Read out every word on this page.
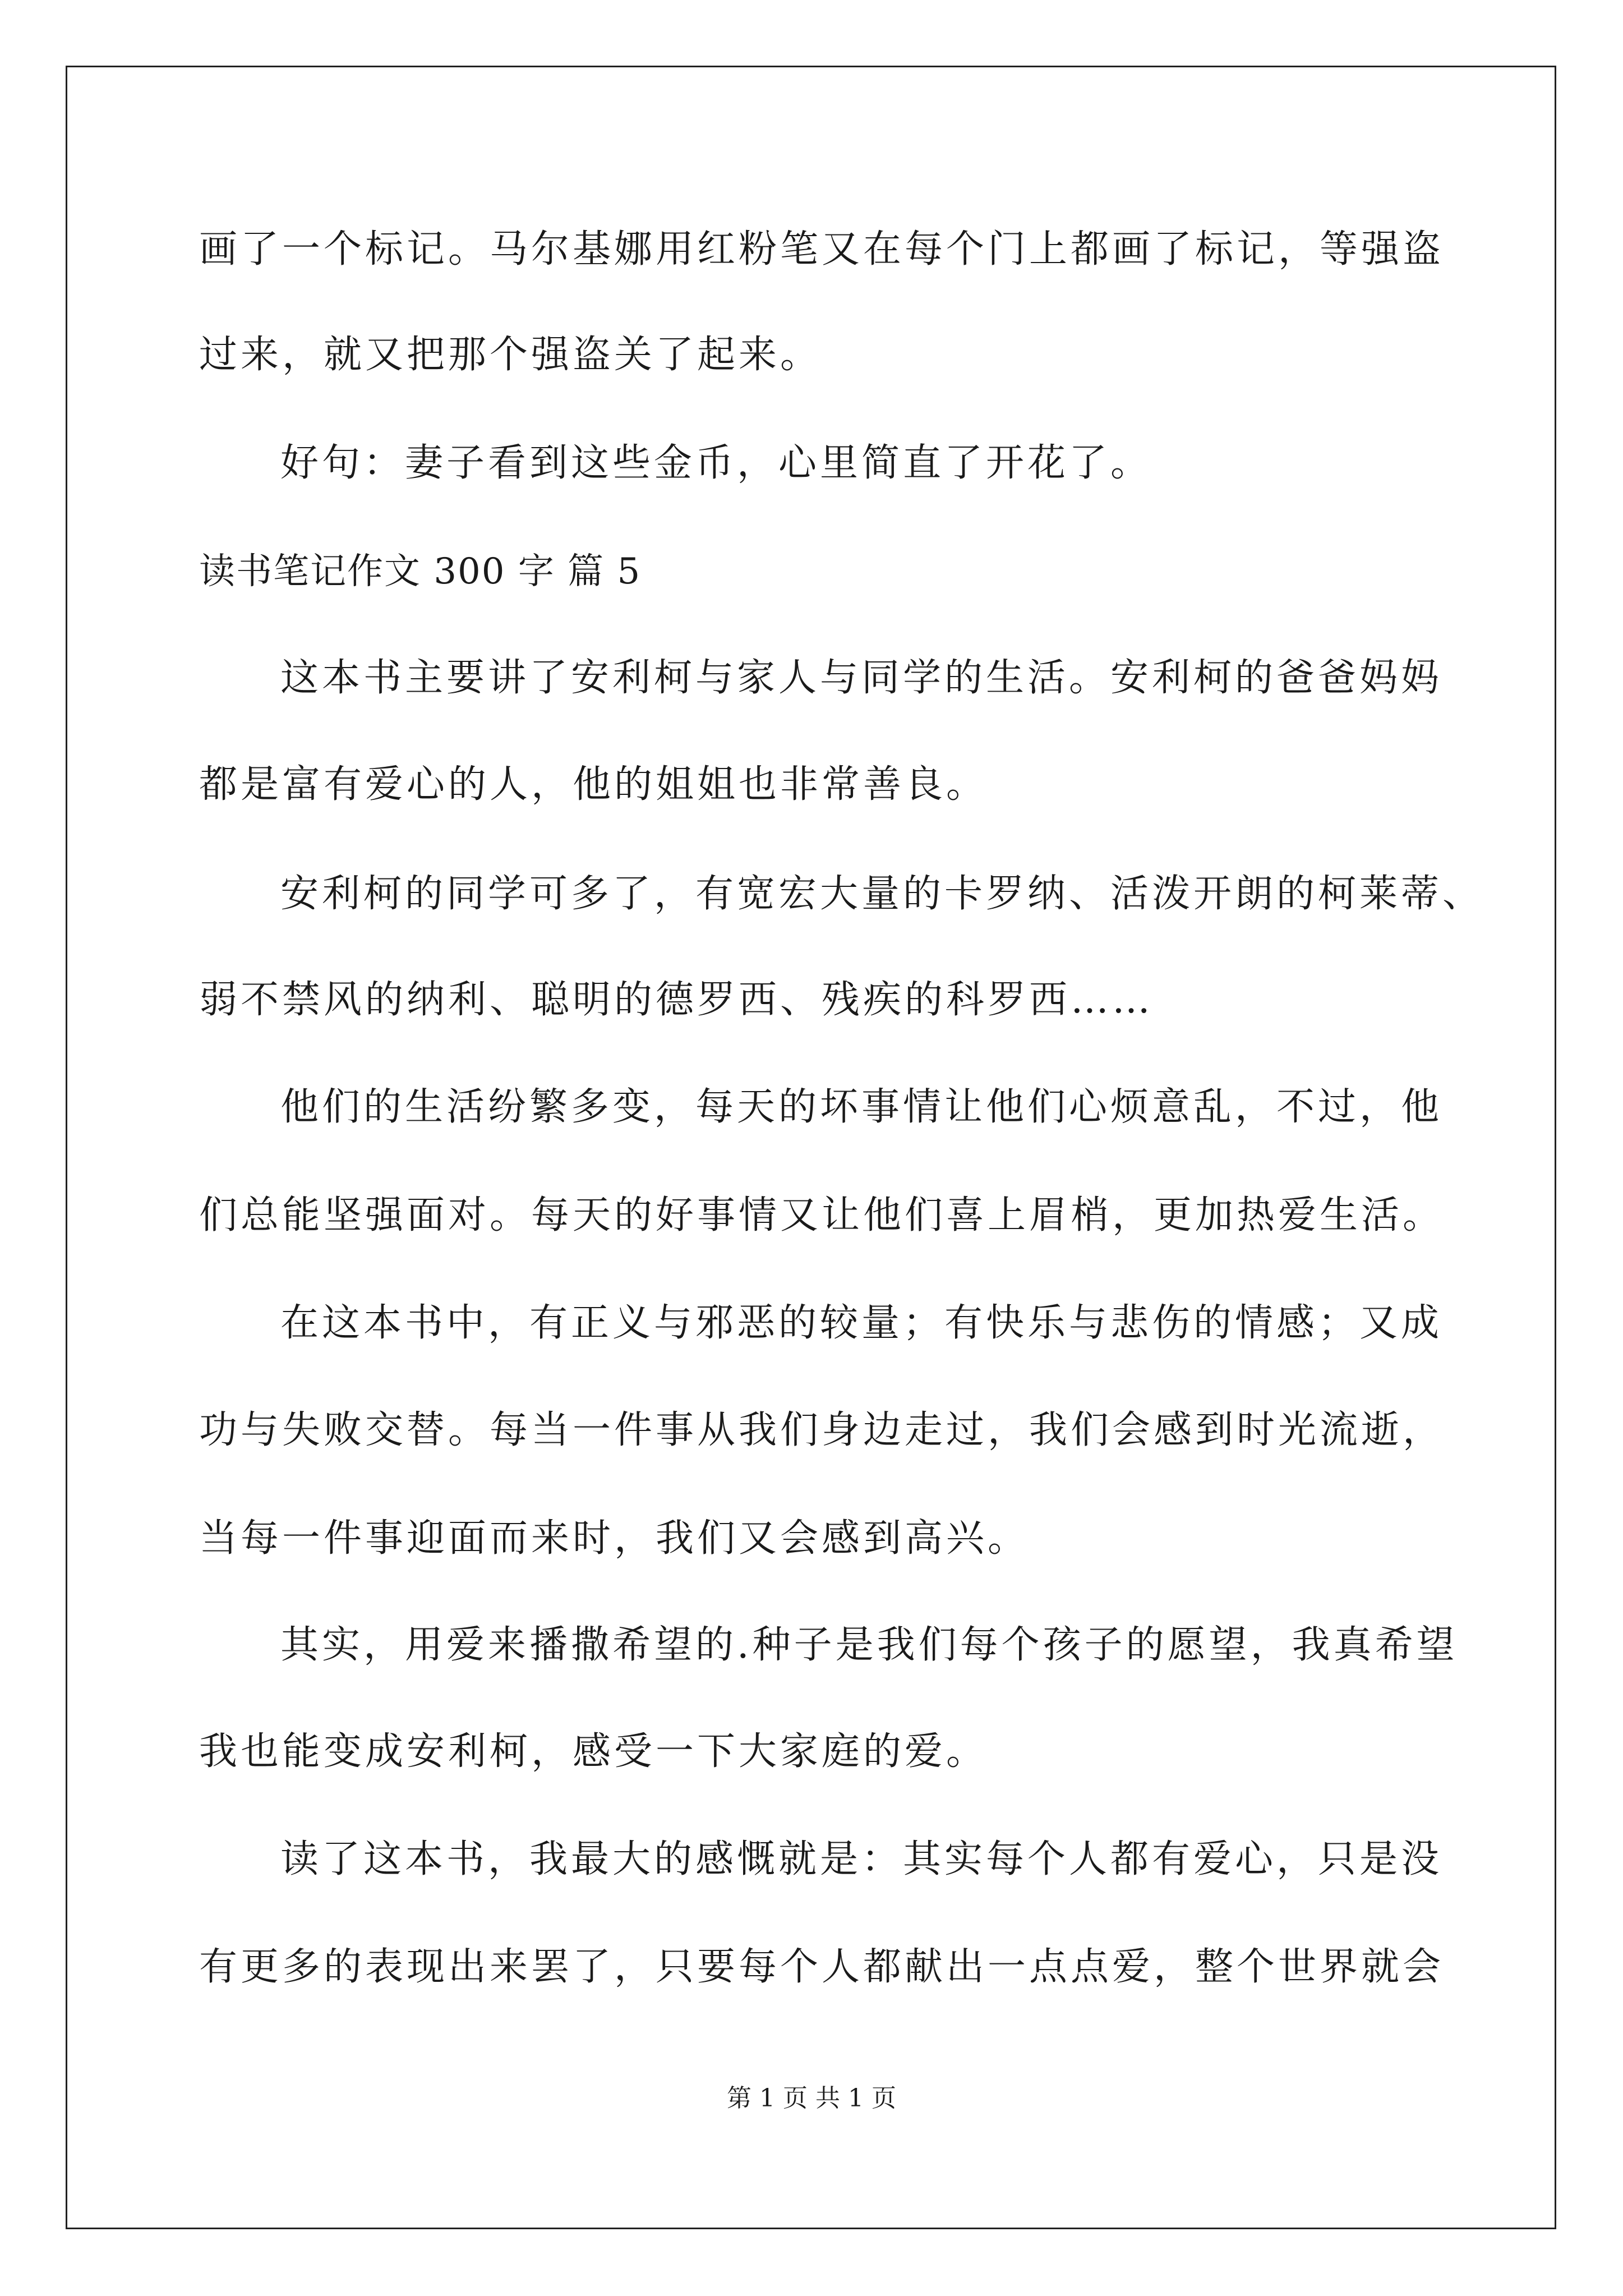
画了一个标记。马尔基娜用红粉笔又在每个门上都画了标记，等强盗
过来，就又把那个强盗关了起来。
好句：妻子看到这些金币，心里简直了开花了。
读书笔记作文 300 字 篇 5
这本书主要讲了安利柯与家人与同学的生活。安利柯的爸爸妈妈
都是富有爱心的人，他的姐姐也非常善良。
安利柯的同学可多了，有宽宏大量的卡罗纳、活泼开朗的柯莱蒂、
弱不禁风的纳利、聪明的德罗西、残疾的科罗西……
他们的生活纷繁多变，每天的坏事情让他们心烦意乱，不过，他
们总能坚强面对。每天的好事情又让他们喜上眉梢，更加热爱生活。
在这本书中，有正义与邪恶的较量；有快乐与悲伤的情感；又成
功与失败交替。每当一件事从我们身边走过，我们会感到时光流逝，
当每一件事迎面而来时，我们又会感到高兴。
其实，用爱来播撒希望的.种子是我们每个孩子的愿望，我真希望
我也能变成安利柯，感受一下大家庭的爱。
读了这本书，我最大的感慨就是：其实每个人都有爱心，只是没
有更多的表现出来罢了，只要每个人都献出一点点爱，整个世界就会
第 1 页 共 1 页
